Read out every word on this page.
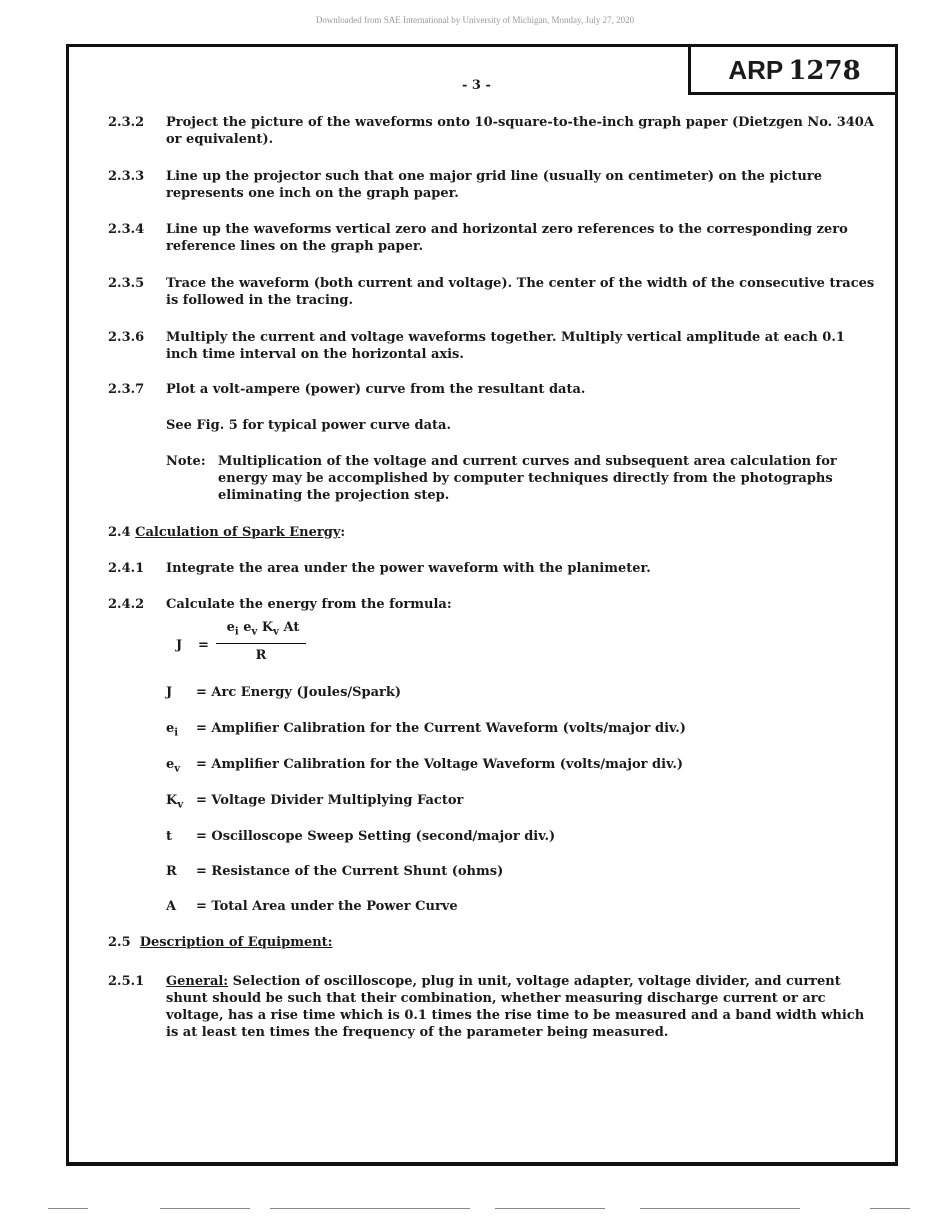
Downloaded from SAE International by University of Michigan, Monday, July 27, 2020
ARP 1278
- 3 -
2.3.2	Project the picture of the waveforms onto 10-square-to-the-inch graph paper (Dietzgen No. 340A or equivalent).
2.3.3	Line up the projector such that one major grid line (usually on centimeter) on the picture represents one inch on the graph paper.
2.3.4	Line up the waveforms vertical zero and horizontal zero references to the corresponding zero reference lines on the graph paper.
2.3.5	Trace the waveform (both current and voltage). The center of the width of the consecutive traces is followed in the tracing.
2.3.6	Multiply the current and voltage waveforms together. Multiply vertical amplitude at each 0.1 inch time interval on the horizontal axis.
2.3.7	Plot a volt-ampere (power) curve from the resultant data.
See Fig. 5 for typical power curve data.
Note: Multiplication of the voltage and current curves and subsequent area calculation for energy may be accomplished by computer techniques directly from the photographs eliminating the projection step.
2.4 Calculation of Spark Energy:
2.4.1	Integrate the area under the power waveform with the planimeter.
2.4.2	Calculate the energy from the formula:
J =
$e_i$ $e_v$ $K_v$ At
R
J = Arc Energy (Joules/Spark)
$e_i$ = Amplifier Calibration for the Current Waveform (volts/major div.)
$e_v$ = Amplifier Calibration for the Voltage Waveform (volts/major div.)
$K_v$ = Voltage Divider Multiplying Factor
t = Oscilloscope Sweep Setting (second/major div.)
R = Resistance of the Current Shunt (ohms)
A = Total Area under the Power Curve
2.5 Description of Equipment:
2.5.1	General: Selection of oscilloscope, plug in unit, voltage adapter, voltage divider, and current shunt should be such that their combination, whether measuring discharge current or arc voltage, has a rise time which is 0.1 times the rise time to be measured and a band width which is at least ten times the frequency of the parameter being measured.
